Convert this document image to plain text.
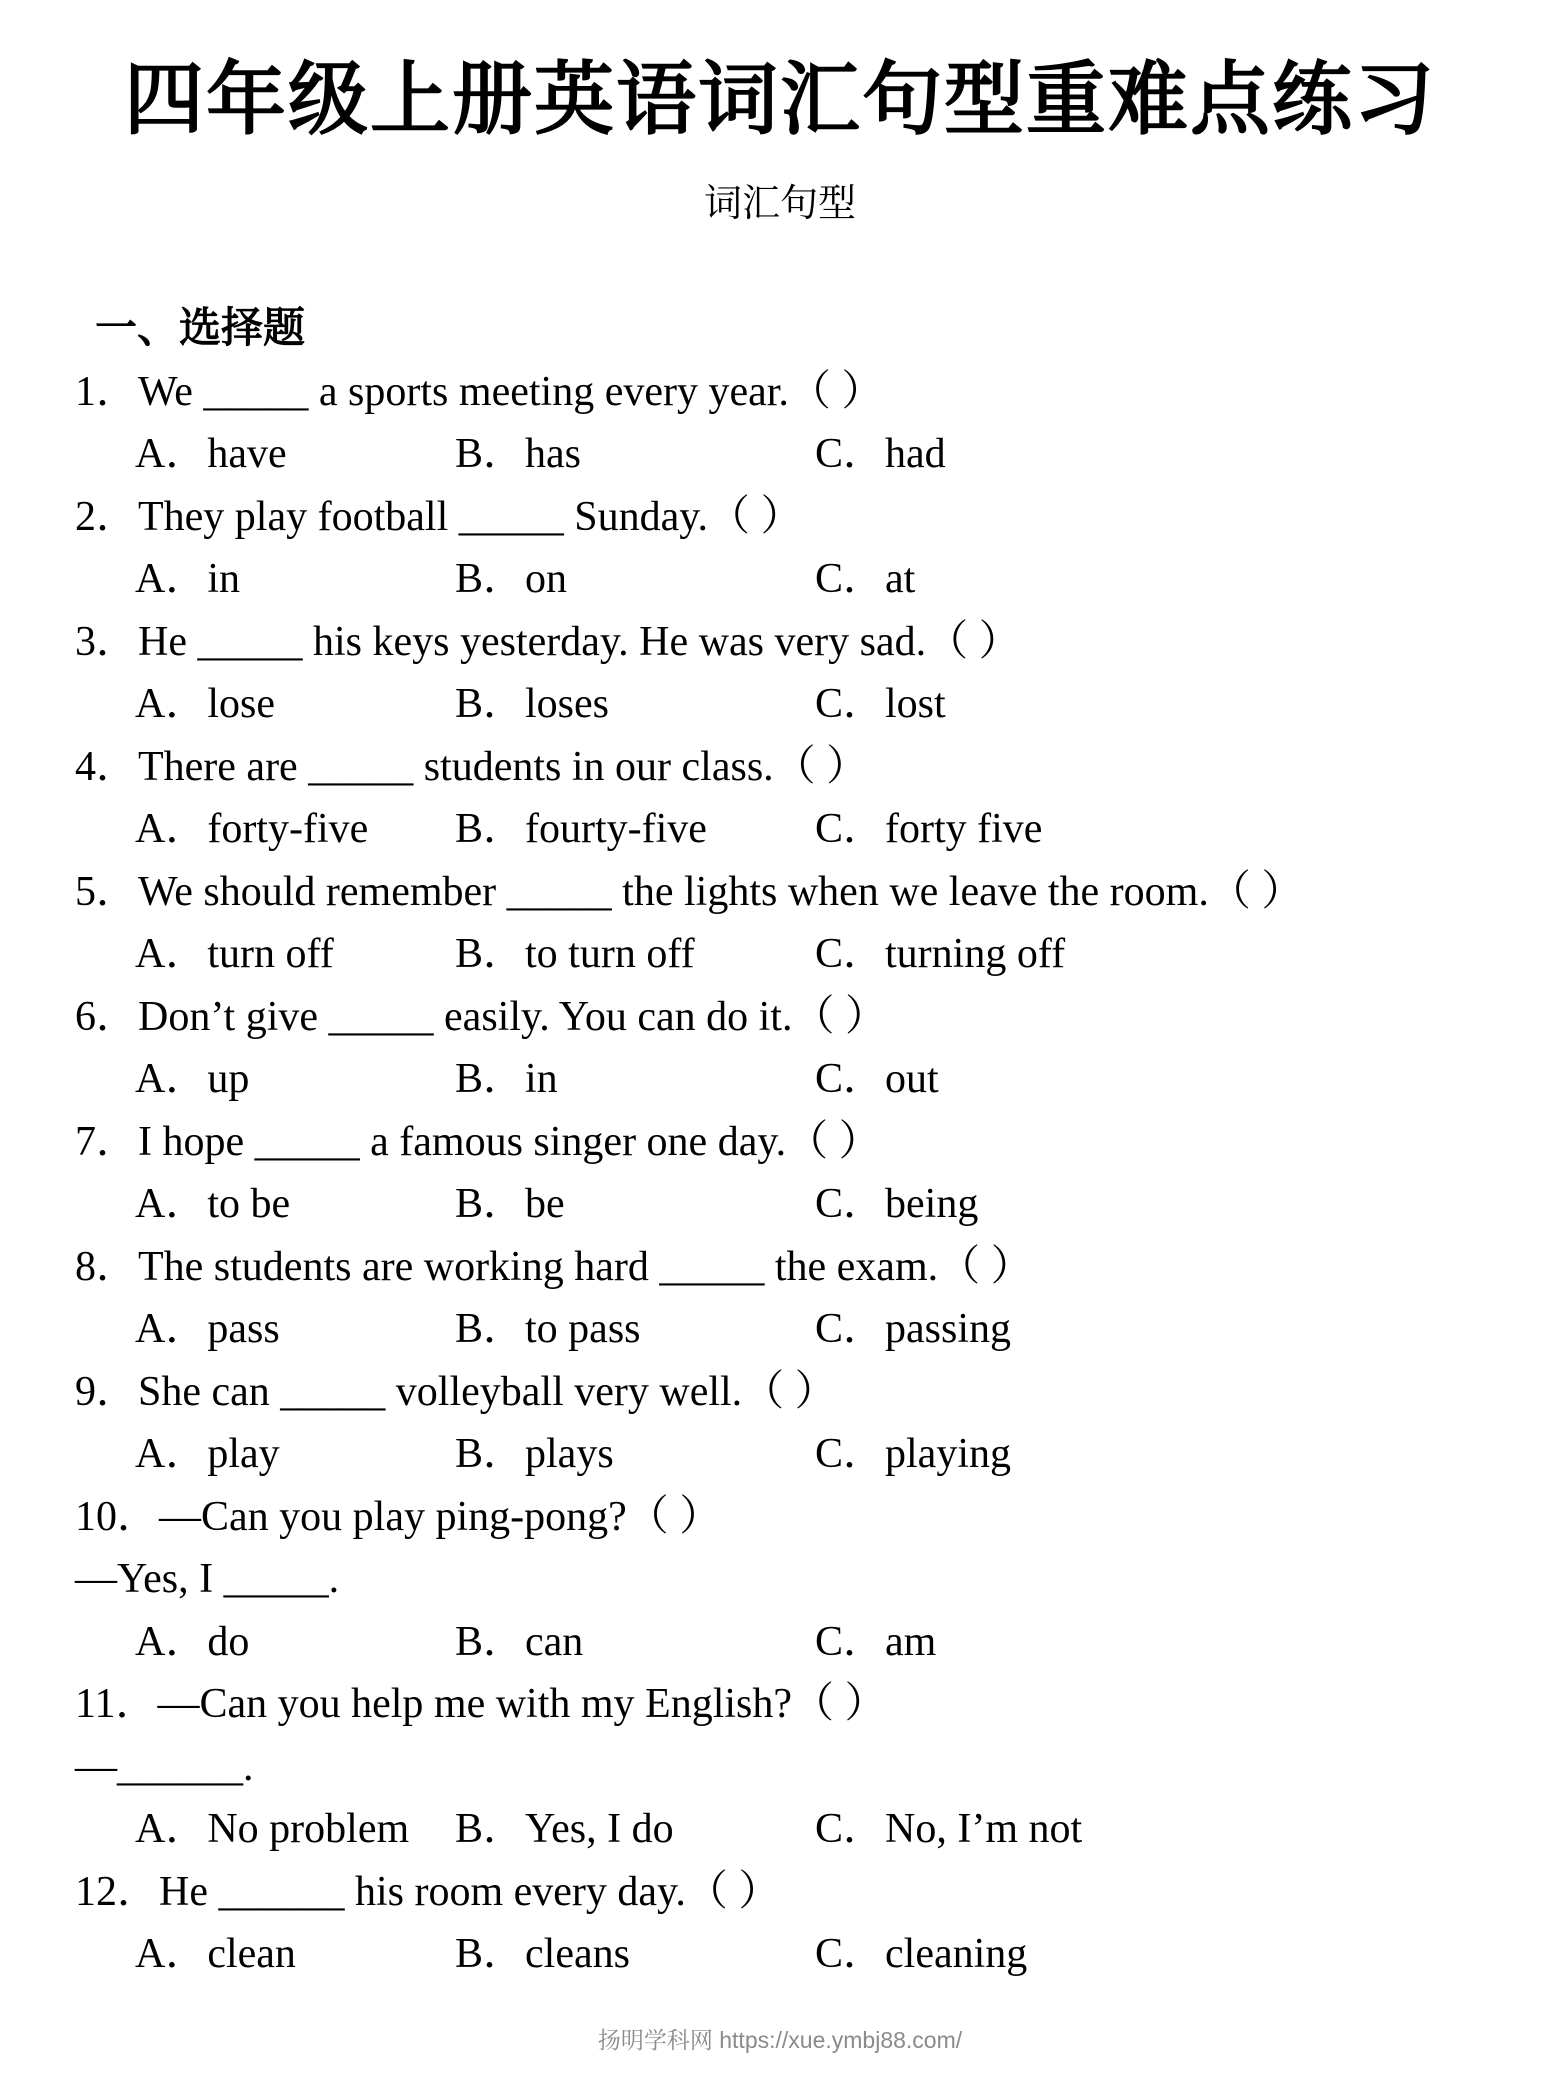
四年级上册英语词汇句型重难点练习
词汇句型
一、选择题
1．We _____ a sports meeting every year.（ ）
A．have	B．has	C．had
2．They play football _____ Sunday.（ ）
A．in	B．on	C．at
3．He _____ his keys yesterday. He was very sad.（ ）
A．lose	B．loses	C．lost
4．There are _____ students in our class.（ ）
A．forty-five B．fourty-five	C．forty five
5．We should remember _____ the lights when we leave the room.（ ）
A．turn off	B．to turn off	C．turning off
6．Don’t give _____ easily. You can do it.（ ）
A．up	B．in	C．out
7．I hope _____ a famous singer one day.（ ）
A．to be	B．be	C．being
8．The students are working hard _____ the exam.（ ）
A．pass	B．to pass	C．passing
9．She can _____ volleyball very well.（ ）
A．play	B．plays	C．playing
10．—Can you play ping-pong?（ ）
—Yes, I _____.
A．do	B．can	C．am
11．—Can you help me with my English?（ ）
—______.
A．No problem B．Yes, I do	C．No, I’m not
12．He ______ his room every day.（ ）
A．clean	B．cleans	C．cleaning
扬明学科网 https://xue.ymbj88.com/
